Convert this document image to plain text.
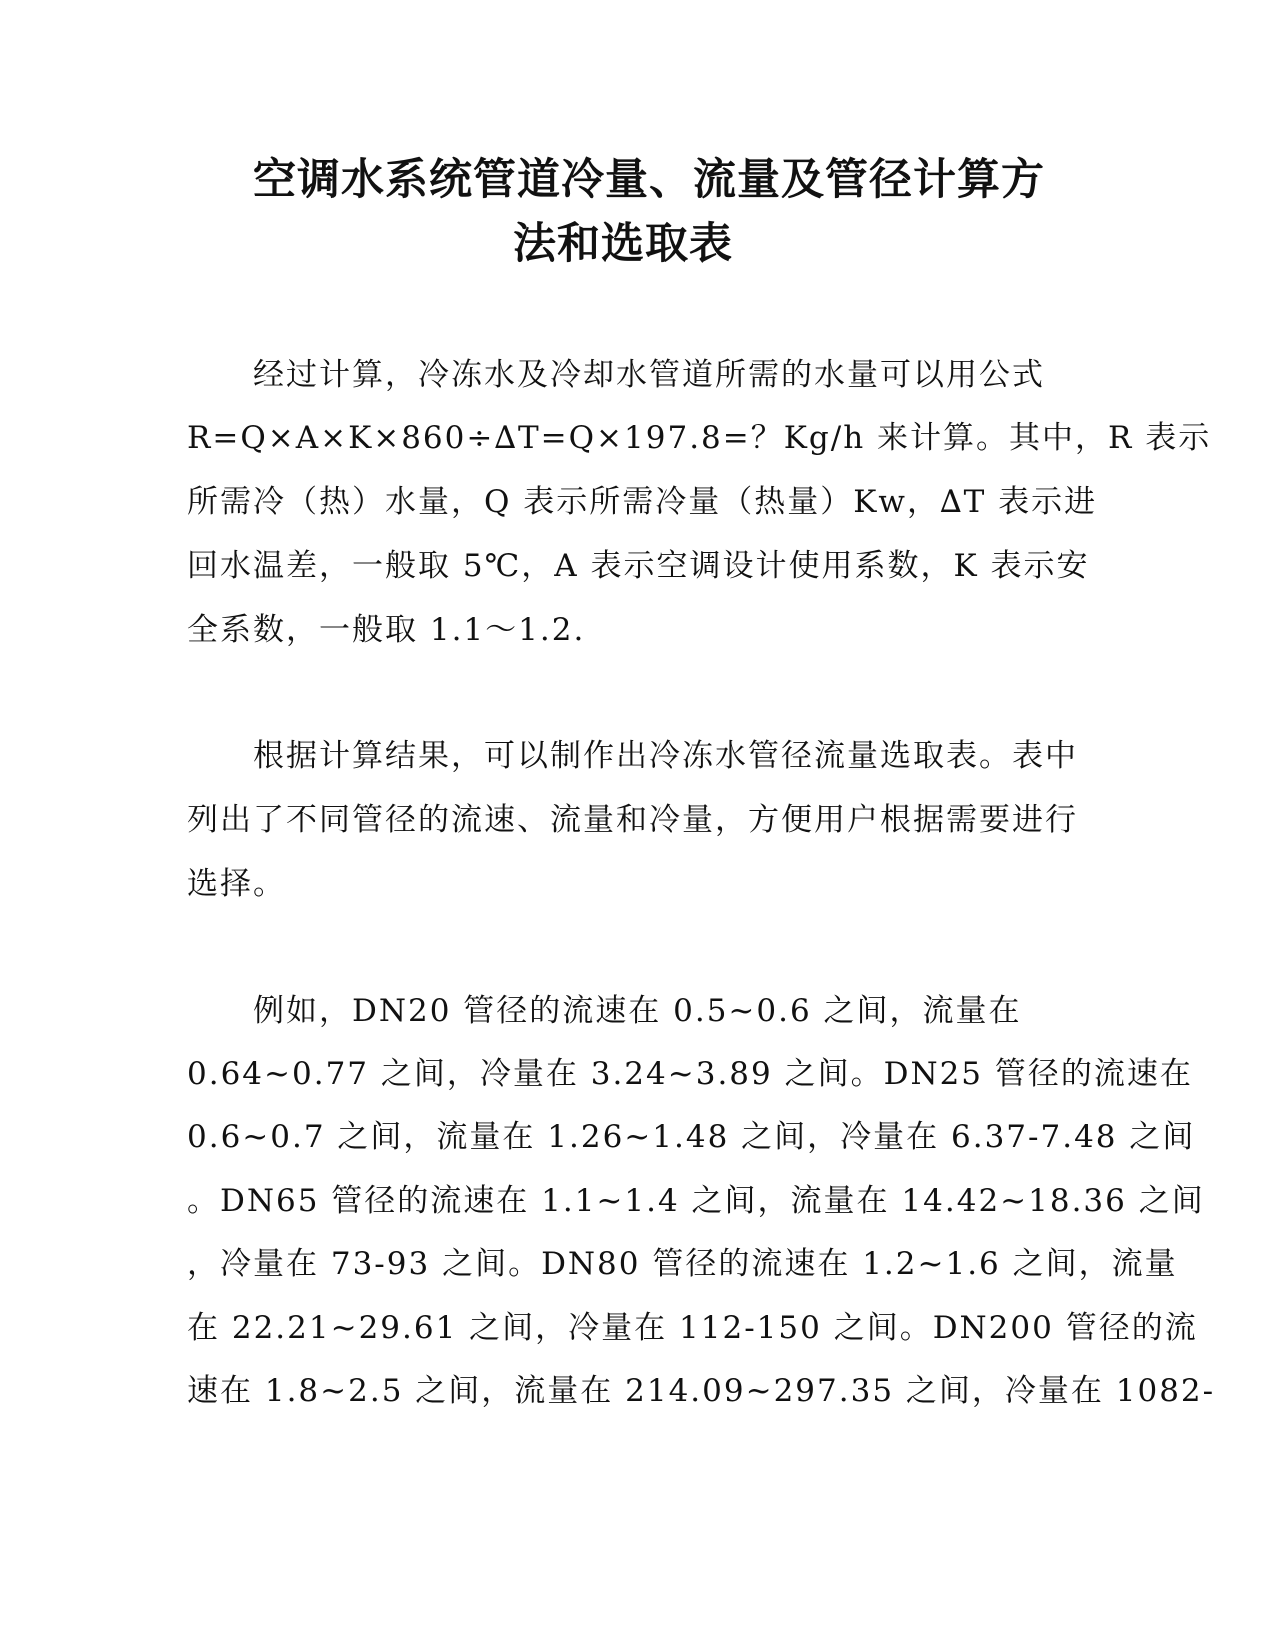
空调水系统管道冷量、流量及管径计算方
法和选取表
经过计算，冷冻水及冷却水管道所需的水量可以用公式
R=Q×A×K×860÷∆T=Q×197.8=？Kg/h 来计算。其中，R 表示
所需冷（热）水量，Q 表示所需冷量（热量）Kw，∆T 表示进
回水温差，一般取 5℃，A 表示空调设计使用系数，K 表示安
全系数，一般取 1.1～1.2.
根据计算结果，可以制作出冷冻水管径流量选取表。表中
列出了不同管径的流速、流量和冷量，方便用户根据需要进行
选择。
例如，DN20 管径的流速在 0.5~0.6 之间，流量在
0.64~0.77 之间，冷量在 3.24~3.89 之间。DN25 管径的流速在
0.6~0.7 之间，流量在 1.26~1.48 之间，冷量在 6.37-7.48 之间
。DN65 管径的流速在 1.1~1.4 之间，流量在 14.42~18.36 之间
，冷量在 73-93 之间。DN80 管径的流速在 1.2~1.6 之间，流量
在 22.21~29.61 之间，冷量在 112-150 之间。DN200 管径的流
速在 1.8~2.5 之间，流量在 214.09~297.35 之间，冷量在 1082-
